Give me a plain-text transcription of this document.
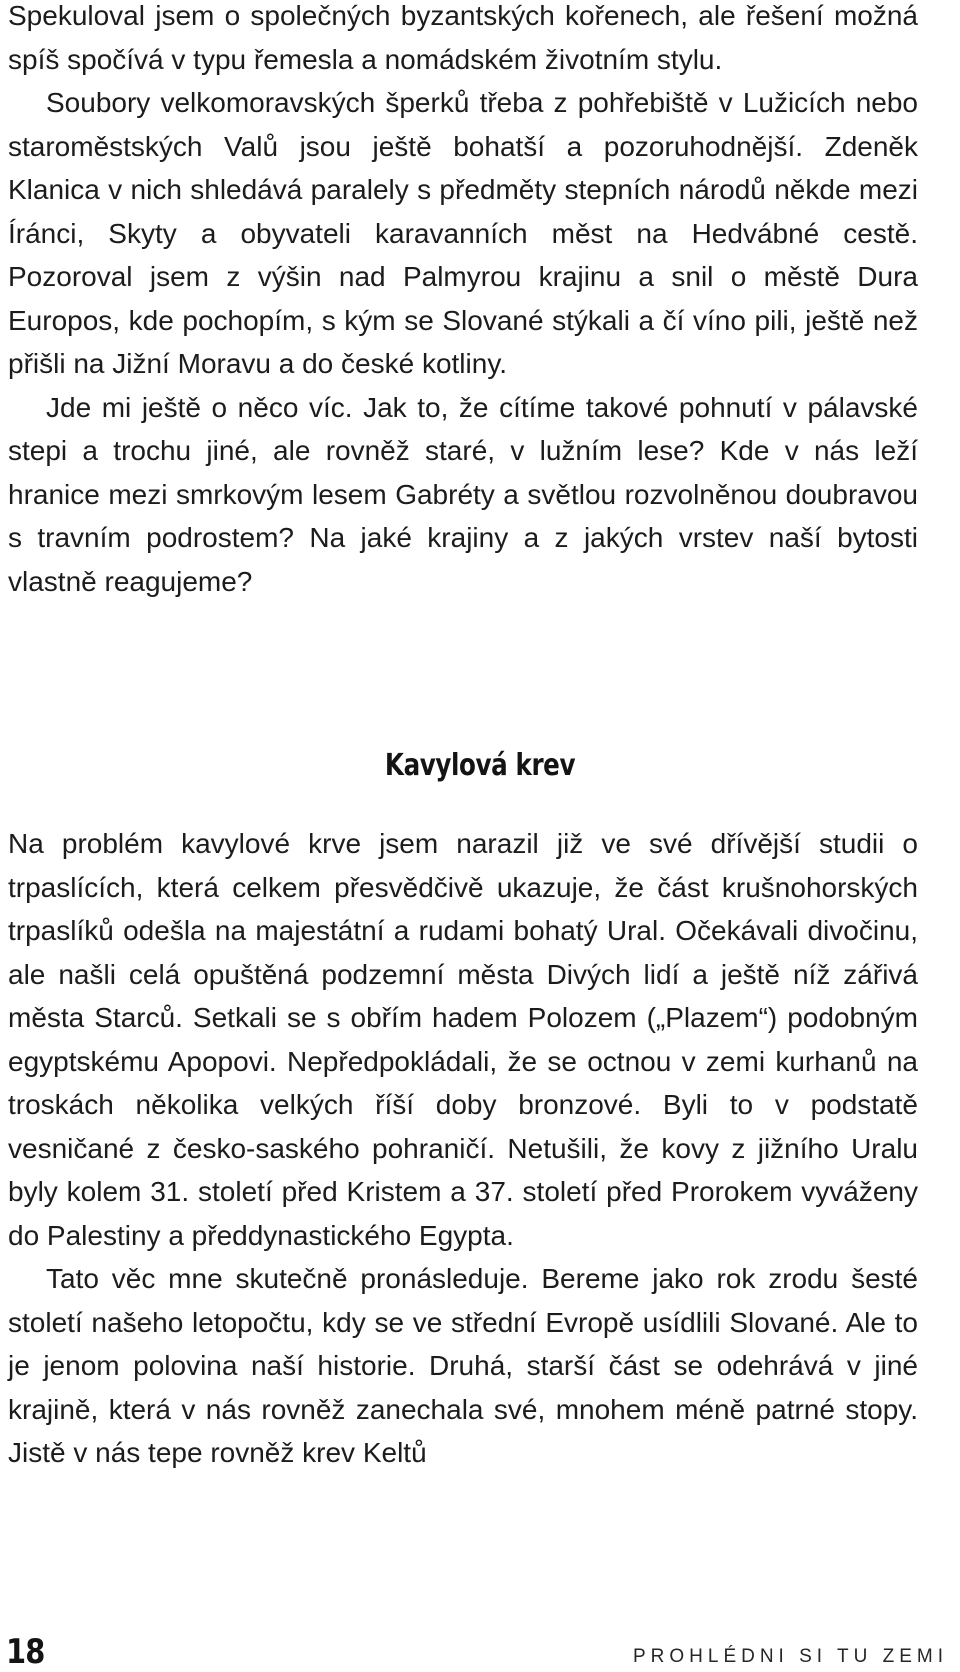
Spekuloval jsem o společných byzantských kořenech, ale řešení možná spíš spočívá v typu řemesla a nomádském životním stylu.

Soubory velkomoravských šperků třeba z pohřebiště v Lužicích nebo staroměstských Valů jsou ještě bohatší a pozoruhodnější. Zdeněk Klanica v nich shledává paralely s předměty stepních národů někde mezi Íránci, Skyty a obyvateli karavanních měst na Hedvábné cestě. Pozoroval jsem z výšin nad Palmyrou krajinu a snil o městě Dura Europos, kde pochopím, s kým se Slované stýkali a čí víno pili, ještě než přišli na Jižní Moravu a do české kotliny.

Jde mi ještě o něco víc. Jak to, že cítíme takové pohnutí v pálavské stepi a trochu jiné, ale rovněž staré, v lužním lese? Kde v nás leží hranice mezi smrkovým lesem Gabréty a světlou rozvolněnou doubravou s travním podrostem? Na jaké krajiny a z jakých vrstev naší bytosti vlastně reagujeme?

Kavylová krev

Na problém kavylové krve jsem narazil již ve své dřívější studii o trpaslících, která celkem přesvědčivě ukazuje, že část krušnohorských trpaslíků odešla na majestátní a rudami bohatý Ural. Očekávali divočinu, ale našli celá opuštěná podzemní města Divých lidí a ještě níž zářivá města Starců. Setkali se s obřím hadem Polozem („Plazem“) podobným egyptskému Apopovi. Nepředpokládali, že se octnou v zemi kurhanů na troskách několika velkých říší doby bronzové. Byli to v podstatě vesničané z česko-saského pohraničí. Netušili, že kovy z jižního Uralu byly kolem 31. století před Kristem a 37. století před Prorokem vyváženy do Palestiny a předdynastického Egypta.

Tato věc mne skutečně pronásleduje. Bereme jako rok zrodu šesté století našeho letopočtu, kdy se ve střední Evropě usídlili Slované. Ale to je jenom polovina naší historie. Druhá, starší část se odehrává v jiné krajině, která v nás rovněž zanechala své, mnohem méně patrné stopy. Jistě v nás tepe rovněž krev Keltů

18	PROHLÉDNI SI TU ZEMI
